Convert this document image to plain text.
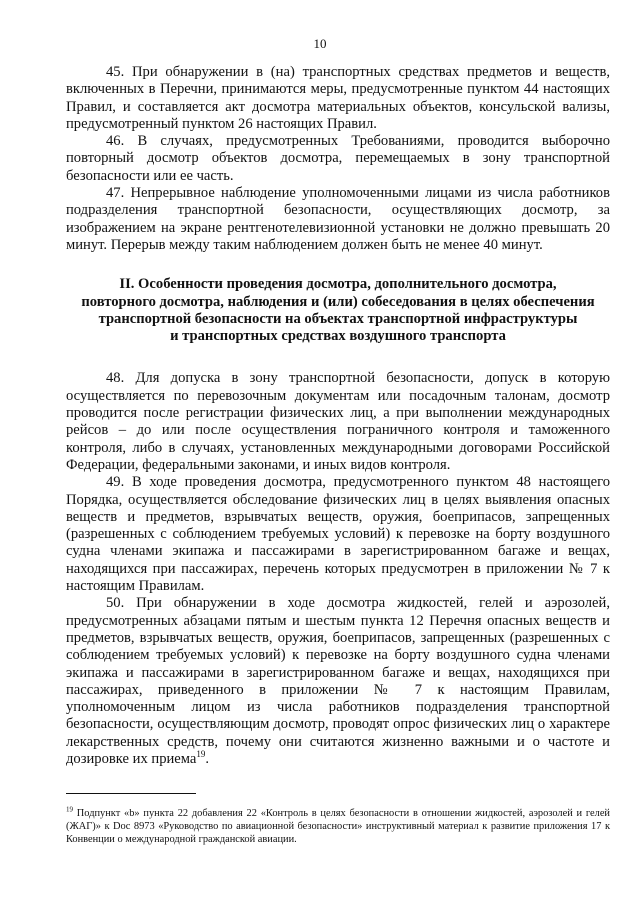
10

45. При обнаружении в (на) транспортных средствах предметов и веществ, включенных в Перечни, принимаются меры, предусмотренные пунктом 44 настоящих Правил, и составляется акт досмотра материальных объектов, консульской вализы, предусмотренный пунктом 26 настоящих Правил.

46. В случаях, предусмотренных Требованиями, проводится выборочно повторный досмотр объектов досмотра, перемещаемых в зону транспортной безопасности или ее часть.

47. Непрерывное наблюдение уполномоченными лицами из числа работников подразделения транспортной безопасности, осуществляющих досмотр, за изображением на экране рентгенотелевизионной установки не должно превышать 20 минут. Перерыв между таким наблюдением должен быть не менее 40 минут.

II. Особенности проведения досмотра, дополнительного досмотра,
повторного досмотра, наблюдения и (или) собеседования в целях обеспечения
транспортной безопасности на объектах транспортной инфраструктуры
и транспортных средствах воздушного транспорта

48. Для допуска в зону транспортной безопасности, допуск в которую осуществляется по перевозочным документам или посадочным талонам, досмотр проводится после регистрации физических лиц, а при выполнении международных рейсов – до или после осуществления пограничного контроля и таможенного контроля, либо в случаях, установленных международными договорами Российской Федерации, федеральными законами, и иных видов контроля.

49. В ходе проведения досмотра, предусмотренного пунктом 48 настоящего Порядка, осуществляется обследование физических лиц в целях выявления опасных веществ и предметов, взрывчатых веществ, оружия, боеприпасов, запрещенных (разрешенных с соблюдением требуемых условий) к перевозке на борту воздушного судна членами экипажа и пассажирами в зарегистрированном багаже и вещах, находящихся при пассажирах, перечень которых предусмотрен в приложении № 7 к настоящим Правилам.

50. При обнаружении в ходе досмотра жидкостей, гелей и аэрозолей, предусмотренных абзацами пятым и шестым пункта 12 Перечня опасных веществ и предметов, взрывчатых веществ, оружия, боеприпасов, запрещенных (разрешенных с соблюдением требуемых условий) к перевозке на борту воздушного судна членами экипажа и пассажирами в зарегистрированном багаже и вещах, находящихся при пассажирах, приведенного в приложении № 7 к настоящим Правилам, уполномоченным лицом из числа работников подразделения транспортной безопасности, осуществляющим досмотр, проводят опрос физических лиц о характере лекарственных средств, почему они считаются жизненно важными и о частоте и дозировке их приема$^{19}$.

$^{19}$ Подпункт «b» пункта 22 добавления 22 «Контроль в целях безопасности в отношении жидкостей, аэрозолей и гелей (ЖАГ)» к Doc 8973 «Руководство по авиационной безопасности» инструктивный материал к развитие приложения 17 к Конвенции о международной гражданской авиации.
